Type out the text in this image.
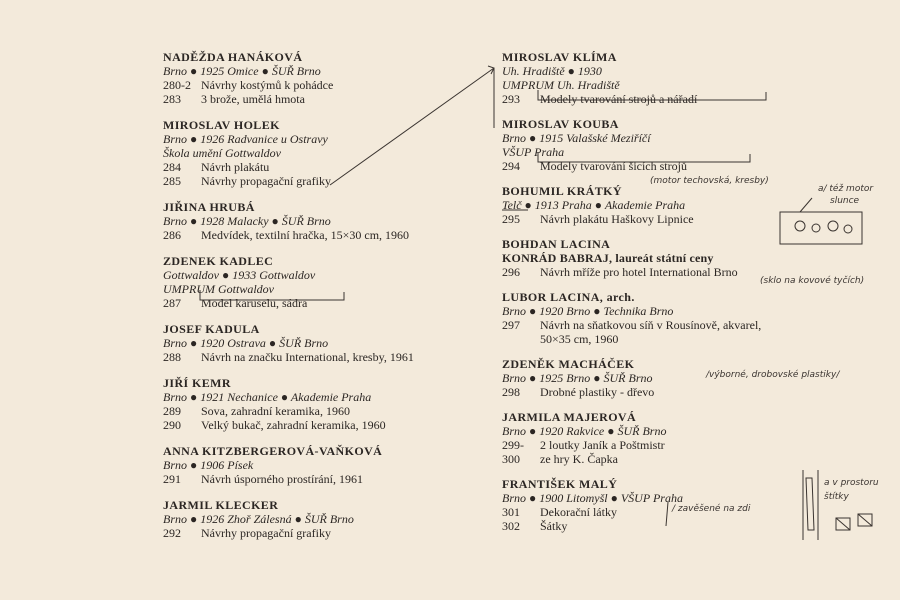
NADĚŽDA HANÁKOVÁ
Brno ● 1925 Omice ● ŠUŘ Brno
280-2 Návrhy kostýmů k pohádce
283	3 brože, umělá hmota
MIROSLAV HOLEK
Brno ● 1926 Radvanice u Ostravy
Škola umění Gottwaldov
284	Návrh plakátu
285	Návrhy propagační grafiky
JIŘINA HRUBÁ
Brno ● 1928 Malacky ● ŠUŘ Brno
286	Medvídek, textilní hračka, 15×30 cm, 1960
ZDENEK KADLEC
Gottwaldov ● 1933 Gottwaldov
UMPRUM Gottwaldov
287	Model karuselu, sádra
JOSEF KADULA
Brno ● 1920 Ostrava ● ŠUŘ Brno
288	Návrh na značku International, kresby, 1961
JIŘÍ KEMR
Brno ● 1921 Nechanice ● Akademie Praha
289	Sova, zahradní keramika, 1960
290	Velký bukač, zahradní keramika, 1960
ANNA KITZBERGEROVÁ-VAŇKOVÁ
Brno ● 1906 Písek
291	Návrh úsporného prostírání, 1961
JARMIL KLECKER
Brno ● 1926 Zhoř Zálesná ● ŠUŘ Brno
292	Návrhy propagační grafiky
MIROSLAV KLÍMA
Uh. Hradiště ● 1930
UMPRUM Uh. Hradiště
293	Modely tvarování strojů a nářadí
MIROSLAV KOUBA
Brno ● 1915 Valašské Meziříčí
VŠUP Praha
294	Modely tvarování šicích strojů
BOHUMIL KRÁTKÝ
Telč ● 1913 Praha ● Akademie Praha
295	Návrh plakátu Haškovy Lipnice
BOHDAN LACINA
KONRÁD BABRAJ, laureát státní ceny
296	Návrh mříže pro hotel International Brno
LUBOR LACINA, arch.
Brno ● 1920 Brno ● Technika Brno
297	Návrh na sňatkovou síň v Rousínově, akvarel, 50×35 cm, 1960
ZDENĚK MACHÁČEK
Brno ● 1925 Brno ● ŠUŘ Brno
298	Drobné plastiky - dřevo
JARMILA MAJEROVÁ
Brno ● 1920 Rakvice ● ŠUŘ Brno
299-	2 loutky Janík a Poštmistr
300	ze hry K. Čapka
FRANTIŠEK MALÝ
Brno ● 1900 Litomyšl ● VŠUP Praha
301	Dekorační látky
302	Šátky
(motor techovská, kresby)
a/ též motor
slunce
(sklo na kovové tyčích)
/výborné, drobovské plastiky/
/ zavěšené na zdi
a v prostoru
štítky
